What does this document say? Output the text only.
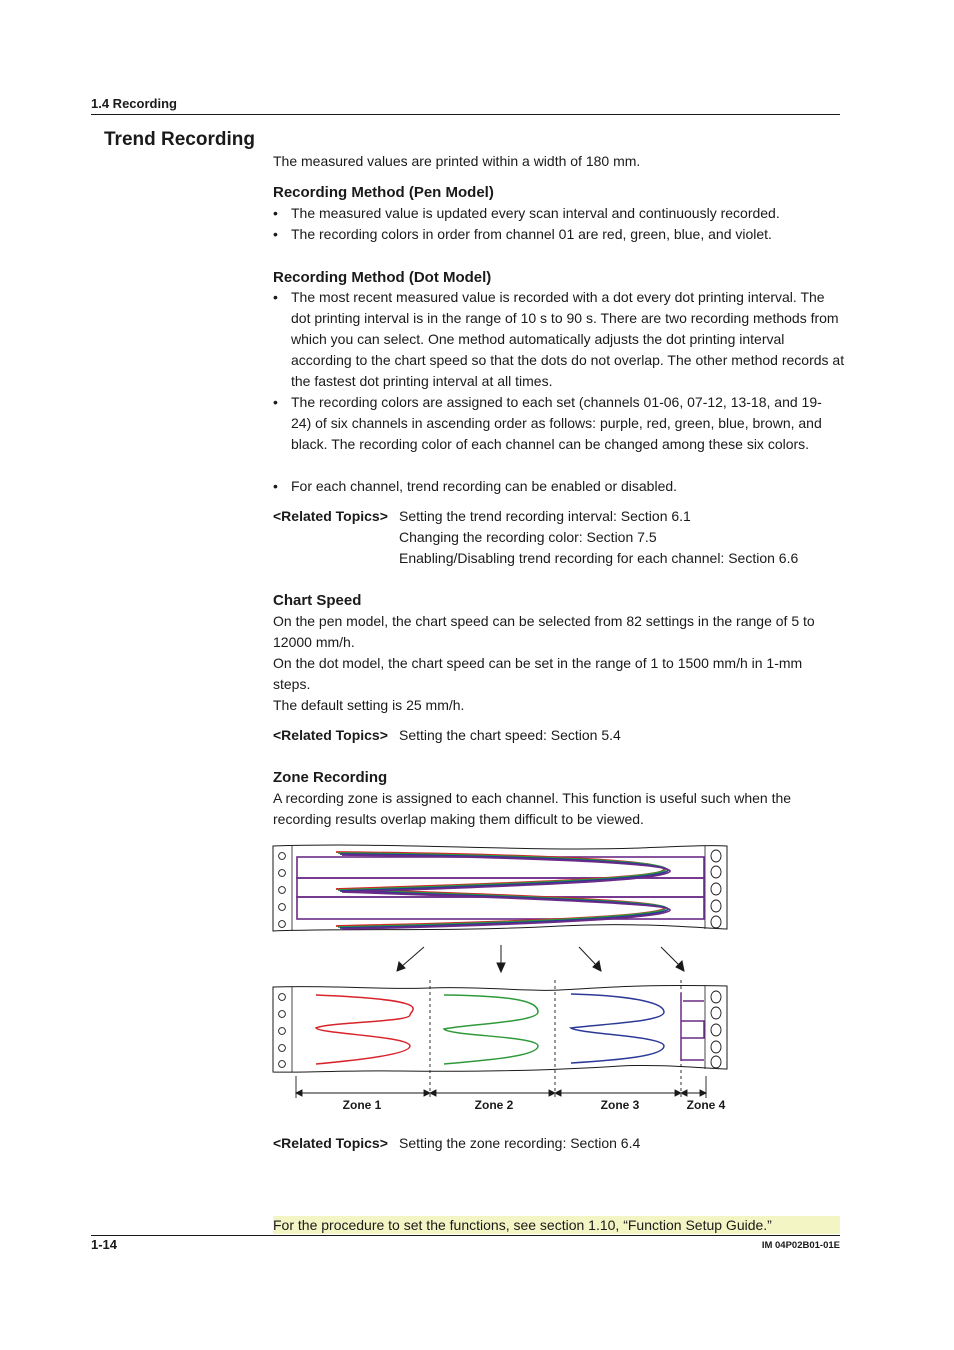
1.4 Recording
Trend Recording
The measured values are printed within a width of 180 mm.
Recording Method (Pen Model)
• The measured value is updated every scan interval and continuously recorded.
• The recording colors in order from channel 01 are red, green, blue, and violet.
Recording Method (Dot Model)
• The most recent measured value is recorded with a dot every dot printing interval. The dot printing interval is in the range of 10 s to 90 s. There are two recording methods from which you can select. One method automatically adjusts the dot printing interval according to the chart speed so that the dots do not overlap. The other method records at the fastest dot printing interval at all times.
• The recording colors are assigned to each set (channels 01-06, 07-12, 13-18, and 19-24) of six channels in ascending order as follows: purple, red, green, blue, brown, and black. The recording color of each channel can be changed among these six colors.
• For each channel, trend recording can be enabled or disabled.
<Related Topics> Setting the trend recording interval: Section 6.1
Changing the recording color: Section 7.5
Enabling/Disabling trend recording for each channel: Section 6.6
Chart Speed
On the pen model, the chart speed can be selected from 82 settings in the range of 5 to 12000 mm/h.
On the dot model, the chart speed can be set in the range of 1 to 1500 mm/h in 1-mm steps.
The default setting is 25 mm/h.
<Related Topics> Setting the chart speed: Section 5.4
Zone Recording
A recording zone is assigned to each channel. This function is useful such when the recording results overlap making them difficult to be viewed.
Zone 1	Zone 2	Zone 3	Zone 4
<Related Topics> Setting the zone recording: Section 6.4
For the procedure to set the functions, see section 1.10, “Function Setup Guide.”
1-14	IM 04P02B01-01E
